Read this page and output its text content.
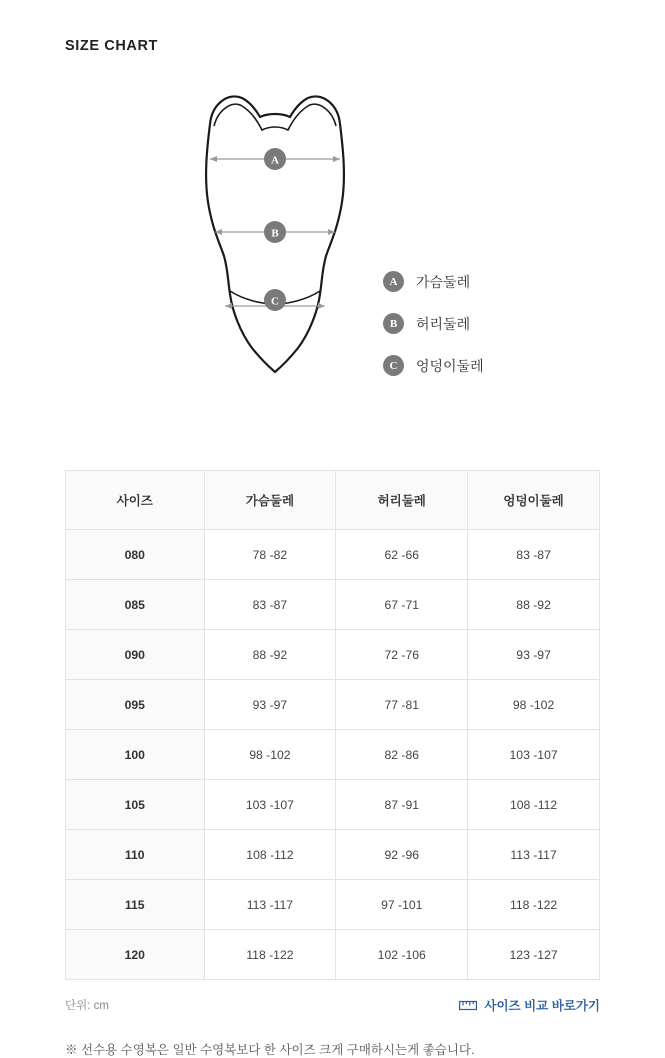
SIZE CHART
A
B
C
A	가슴둘레
B	허리둘레
C	엉덩이둘레
사이즈	가슴둘레	허리둘레	엉덩이둘레
080	78 -82	62 -66	83 -87
085	83 -87	67 -71	88 -92
090	88 -92	72 -76	93 -97
095	93 -97	77 -81	98 -102
100	98 -102	82 -86	103 -107
105	103 -107	87 -91	108 -112
110	108 -112	92 -96	113 -117
115	113 -117	97 -101	118 -122
120	118 -122	102 -106	123 -127
단위: cm	사이즈 비교 바로가기
※ 선수용 수영복은 일반 수영복보다 한 사이즈 크게 구매하시는게 좋습니다.
